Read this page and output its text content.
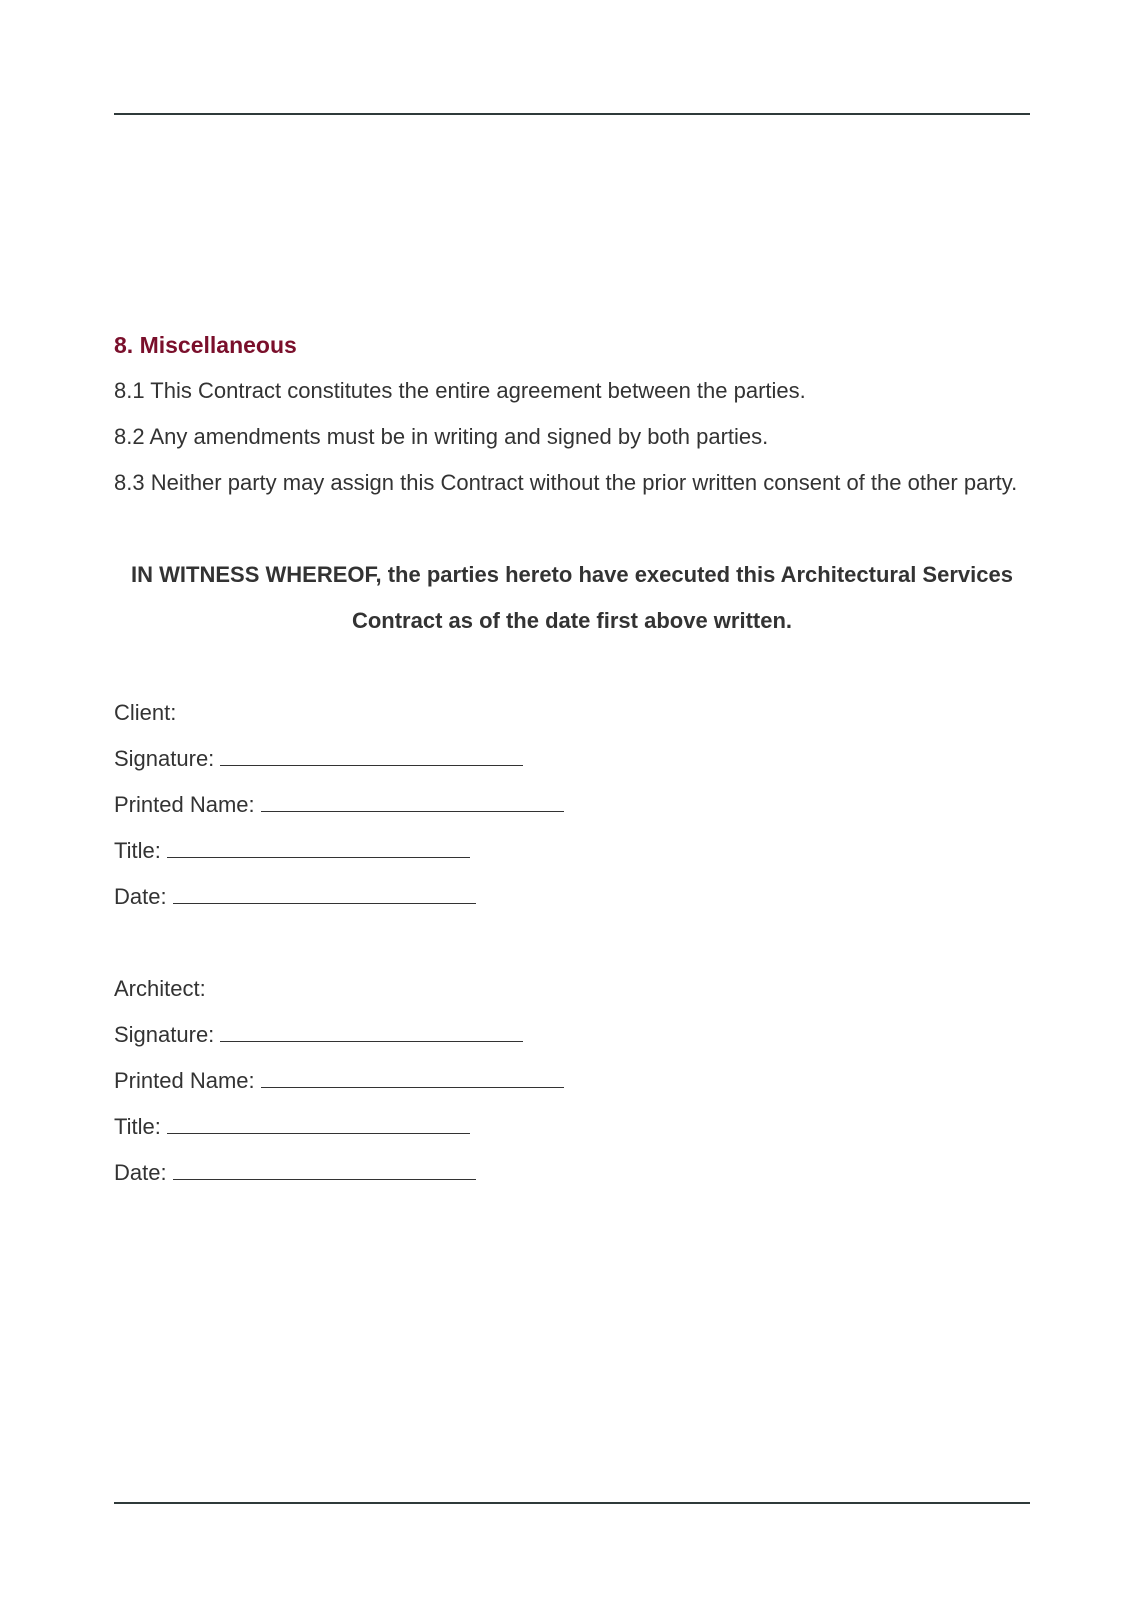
8. Miscellaneous

8.1 This Contract constitutes the entire agreement between the parties.

8.2 Any amendments must be in writing and signed by both parties.

8.3 Neither party may assign this Contract without the prior written consent of the other party.

IN WITNESS WHEREOF, the parties hereto have executed this Architectural Services Contract as of the date first above written.
Client:
Signature:
Printed Name:
Title:
Date:
Architect:
Signature:
Printed Name:
Title:
Date:
